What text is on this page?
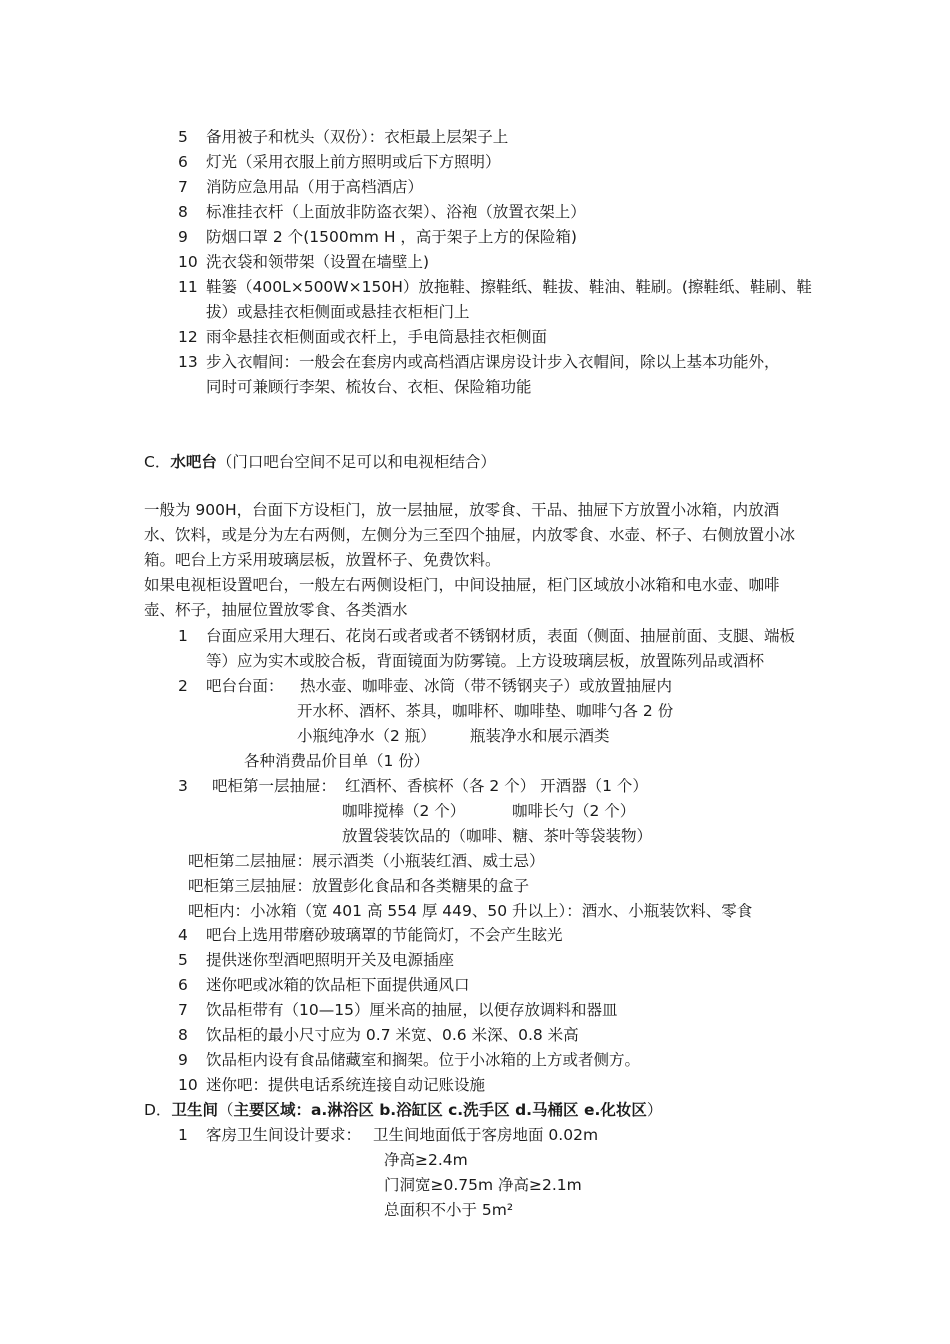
5 备用被子和枕头（双份）：衣柜最上层架子上
6 灯光（采用衣服上前方照明或后下方照明）
7 消防应急用品（用于高档酒店）
8 标准挂衣杆（上面放非防盗衣架）、浴袍（放置衣架上）
9 防烟口罩 2 个(1500mm H ，高于架子上方的保险箱)
10 洗衣袋和领带架（设置在墙壁上)
11 鞋篓（400L×500W×150H）放拖鞋、擦鞋纸、鞋拔、鞋油、鞋刷。(擦鞋纸、鞋刷、鞋
拔）或悬挂衣柜侧面或悬挂衣柜柜门上
12 雨伞悬挂衣柜侧面或衣杆上，手电筒悬挂衣柜侧面
13 步入衣帽间：一般会在套房内或高档酒店课房设计步入衣帽间，除以上基本功能外，
同时可兼顾行李架、梳妆台、衣柜、保险箱功能
C．水吧台（门口吧台空间不足可以和电视柜结合）
一般为 900H，台面下方设柜门，放一层抽屉，放零食、干品、抽屉下方放置小冰箱，内放酒
水、饮料，或是分为左右两侧，左侧分为三至四个抽屉，内放零食、水壶、杯子、右侧放置小冰
箱。吧台上方采用玻璃层板，放置杯子、免费饮料。
如果电视柜设置吧台，一般左右两侧设柜门，中间设抽屉，柜门区域放小冰箱和电水壶、咖啡
壶、杯子，抽屉位置放零食、各类酒水
1 台面应采用大理石、花岗石或者或者不锈钢材质，表面（侧面、抽屉前面、支腿、端板
等）应为实木或胶合板，背面镜面为防雾镜。上方设玻璃层板，放置陈列品或酒杯
2 吧台台面： 热水壶、咖啡壶、冰筒（带不锈钢夹子）或放置抽屉内
开水杯、酒杯、茶具，咖啡杯、咖啡垫、咖啡勺各 2 份
小瓶纯净水（2 瓶） 瓶装净水和展示酒类
各种消费品价目单（1 份）
3 吧柜第一层抽屉： 红酒杯、香槟杯（各 2 个） 开酒器（1 个）
咖啡搅棒（2 个）	咖啡长勺（2 个）
放置袋装饮品的（咖啡、糖、茶叶等袋装物）
吧柜第二层抽屉：展示酒类（小瓶装红酒、威士忌）
吧柜第三层抽屉：放置彭化食品和各类糖果的盒子
吧柜内：小冰箱（宽 401 高 554 厚 449、50 升以上）：酒水、小瓶装饮料、零食
4 吧台上选用带磨砂玻璃罩的节能筒灯，不会产生眩光
5 提供迷你型酒吧照明开关及电源插座
6 迷你吧或冰箱的饮品柜下面提供通风口
7 饮品柜带有（10—15）厘米高的抽屉，以便存放调料和器皿
8 饮品柜的最小尺寸应为 0.7 米宽、0.6 米深、0.8 米高
9 饮品柜内设有食品储藏室和搁架。位于小冰箱的上方或者侧方。
10 迷你吧：提供电话系统连接自动记账设施
D．卫生间（主要区域：a.淋浴区 b.浴缸区 c.洗手区 d.马桶区 e.化妆区）
1 客房卫生间设计要求： 卫生间地面低于客房地面 0.02m
净高≥2.4m
门洞宽≥0.75m 净高≥2.1m
总面积不小于 5m²
